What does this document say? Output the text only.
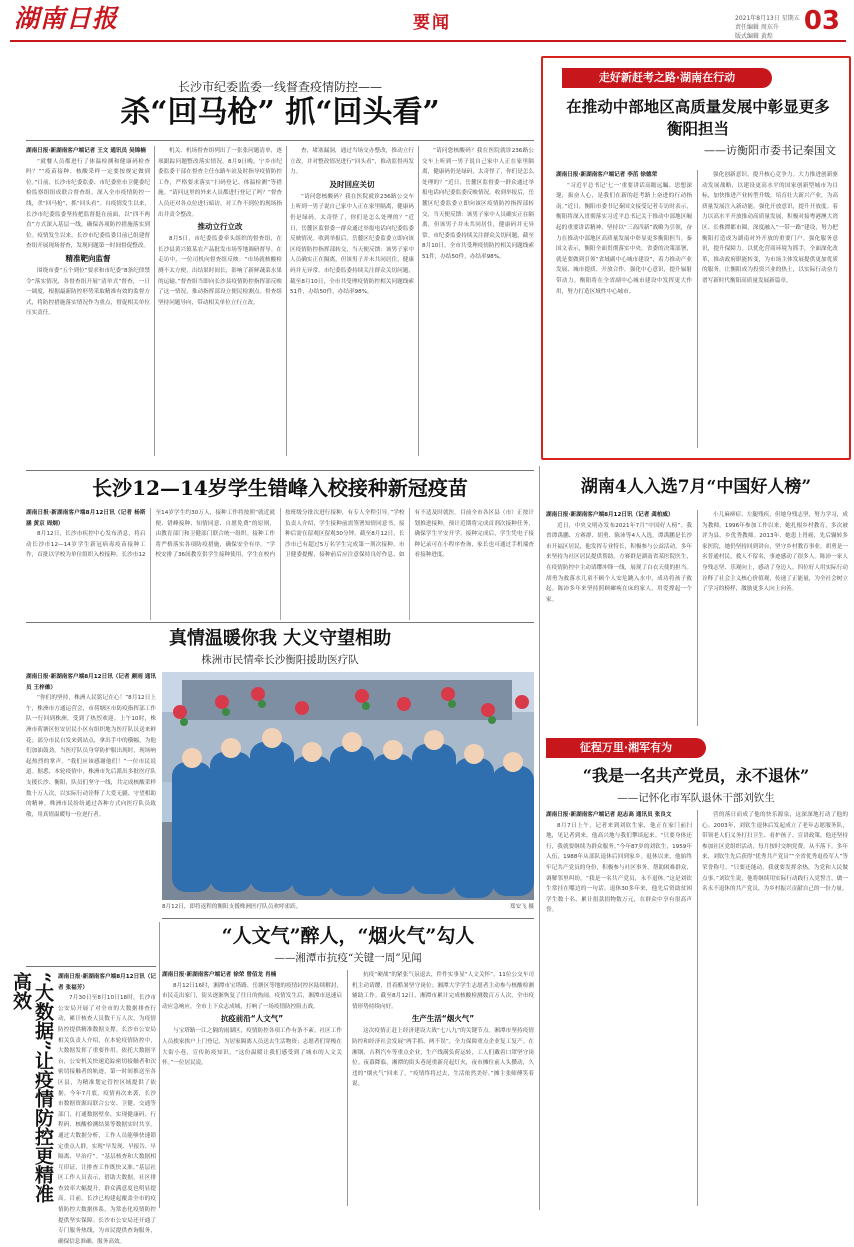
湖南日报	要闻	2021年8月13日 星期五
责任编辑 周东升
版式编辑 黄煌
03
长沙市纪委监委一线督查疫情防控——
杀“回马枪” 抓“回头看”

湖南日报·新湖南客户端记者 王文 通讯员 吴锦楠

“就餐人员都进行了体温检测和健康码检查吗？”“疫苗接种、核酸采样一定要按规定做到位。”日前，长沙市纪委监委、市纪委驻市卫健委纪检监察组组成联合督查组，深入全市疫情防控一线，杀“回马枪”，抓“回头看”。自疫情发生以来，长沙市纪委监委坚持把监督挺在前面，以“四不两直”方式深入基层一线，确保各项防控措施落实到位。疫情发生以来，长沙市纪委监委目前已组建督查组开展现场督查，发现问题第一时间督促整改。

精准靶向监督

围绕市委“五个到位”要求和市纪委“8条纪律禁令”落实情况，各督查组开展“清单式”督查，一日一调度，根据最新防控形势采取精准有效的监督方式，将防控措施落实情况作为重点，督促相关单位压实责任。

机关、机场督查组列出了一张张问题清单，逐项跟踪问题整改落实情况。8月9日晚，宁乡市纪委监委干部在督查主任东路车站及时指导疫情防控工作，严格要求落实“扫码登记、体温检测”等措施。“请问这里的外来人员都进行登记了吗？”督查人员还对各点位进行暗访，对工作不到位的现场指出并责令整改。

推动立行立改

8月5日，市纪委监委牵头组织的督查组，在长沙县黄兴镇某农产品批发市场等地调研督导。在走访中，一位司机向督查组反映：“市场就核酸检测不太方便，出结果时间长，影响了新鲜蔬菜水果的运输。”督查组当即向长沙县疫情防控指挥部反映了这一情况，推动指挥部设立便民检测点。督查组坚持问题导向，带动相关单位立行立改。

查，堵塞漏洞，通过当场交办整改，推动立行立改，并对整改情况进行“回头看”，推动监督再发力。

及时回应关切

“请问您核酸码？我在医院就诊236路公交车上听到一男子说自己家中人正在家里隔离，健康码仍是绿码，太奇怪了，你们是怎么处理的？”近日，岳麓区监督委一群众通过举报电话向纪委监委反映情况。收到举报后，岳麓区纪委监委立即向该区疫情防控指挥部转交，当天便反馈：该男子家中人员确实正在隔离，但该男子并未共同居住，健康码并无异常。市纪委监委持续关注群众关切问题，截至8月10日，全市共受理疫情防控相关问题线索51件，办结50件，办结率98%。

“请问您核酸码？我在医院就诊236路公交车上听到一男子说自己家中人正在家里隔离，健康码仍是绿码，太奇怪了，你们是怎么处理的？”近日，岳麓区监督委一群众通过举报电话向纪委监委反映情况。收到举报后，岳麓区纪委监委立即向该区疫情防控指挥部转交，当天便反馈：该男子家中人员确实正在隔离，但该男子并未共同居住，健康码并无异常。市纪委监委持续关注群众关切问题，截至8月10日，全市共受理疫情防控相关问题线索51件，办结50件，办结率98%。

走好新赶考之路·湖南在行动
在推动中部地区高质量发展中彰显更多衡阳担当
——访衡阳市委书记秦国文

湖南日报·新湖南客户端记者 李茁 徐德荣

“习近平总书记‘七一’重要讲话高瞻远瞩、思想深邃，振奋人心，是我们在新的赶考路上奋进的行动指南。”近日，衡阳市委书记秦国文接受记者专访时表示，衡阳将深入贯彻落实习近平总书记关于推动中部地区崛起的重要讲话精神，坚持以“三高四新”战略为引领，奋力在推动中部地区高质量发展中彰显更多衡阳担当。秦国文表示，衡阳全面贯彻落实中央、省委的决策部署，就是要做到引领“省域副中心城市建设”，着力推动产业发展、城市提质、开放合作。强化中心意识，提升辐射带动力。衡阳将在全省副中心城市建设中发挥更大作用，努力打造区域性中心城市。

强化创新意识，提升核心竞争力。大力推进创新驱动发展战略，以建设更高水平的国家创新型城市为目标，加快推进产业转型升级，培育壮大新兴产业，为高质量发展注入新动能。强化开放意识，提升开放度。着力以高水平开放推动高质量发展，积极对接粤港澳大湾区、长株潭都市圈，深度融入“一带一路”建设，努力把衡阳打造成为湖南对外开放的重要门户。强化服务意识，提升保障力。以优化营商环境为抓手，全面深化改革，推动政府职能转变，为市场主体发展提供更加优质的服务，让衡阳成为投资兴业的热土，以实际行动奋力谱写新时代衡阳高质量发展新篇章。

长沙12—14岁学生错峰入校接种新冠疫苗

湖南日报·新湖南客户端8月12日讯（记者 杨斯涵 黄京 周炯）

8月12日，长沙市疾控中心发布消息，将启动长沙市12—14岁学生新冠病毒疫苗接种工作，首批以学校为单位组织入校接种。长沙市12至14岁学生约30万人，接种工作将按照“就近就便、错峰接种、知情同意、自愿免费”的原则，由教育部门和卫健部门联合统一组织。接种工作将严格落实各项防疫措施，确保安全有序。“学校安排了36间教室供学生接种使用，学生在校内按班级分批次进行接种，有专人全程引导。”学校负责人介绍，学生接种前需签署知情同意书，接种后需在留观区留观30分钟。截至8月12日，长沙市已有超过5万名学生完成第一剂次接种。市卫健委提醒，接种前后应注意保持良好作息，如有不适及时就医。目前全市各区县（市）正按计划推进接种，预计近期将完成首剂次接种任务，确保学生平安开学。接种完成后，学生凭电子接种记录可在小程序查询，家长也可通过手机端查看接种进度。

湖南4人入选7月“中国好人榜”

湖南日报·新湖南客户端8月12日讯（记者 龚柏威）

近日，中央文明办发布2021年7月“中国好人榜”。我省谭禹鹏、方赛群、胡勇、陈沛等4人入选。谭禹鹏是长沙市开福区居民，他发挥专业特长，积极参与公益活动，多年来坚持为社区居民提供帮助。方赛群是湖南省某医院医生，在疫情防控中主动请缨冲锋一线，展现了白衣天使的担当。胡勇为救落水儿童不顾个人安危跳入水中，成功将孩子救起。陈沛多年来坚持照顾瘫痪在床的家人，用爱撑起一个家。

小儿麻痹症、左腿残疾，但她身残志坚，努力学习，成为教师。1996年参加工作以来，她扎根乡村教育，多次被评为县、乡优秀教师。2013年，她患上胃癌，先后辗转多家医院，她仍坚持回到讲台，坚守乡村教育事业。胡勇是一名普通村民，救人不留名，事迹感动了很多人。陈沛一家人身残志坚、乐观向上，感动了身边人。四位好人用实际行动诠释了社会主义核心价值观，传递了正能量，为全社会树立了学习的榜样，激励更多人向上向善。

真情温暖你我 大义守望相助
株洲市民情牵长沙衡阳援助医疗队

湖南日报·新湖南客户端8月12日讯（记者 颜雨 通讯员 王梓傩）

“你们的坚持，株洲人民铭记在心！”8月12日上午，株洲市方通运营会，市荷塘区市防疫指挥部工作队一行回到株洲，受到了热烈欢迎。上午10时，株洲市荷塘区恒安居民小区有组织地为医疗队员送来鲜花；部分市民自发来到站点，拿出手中的横幅，为他们加油鼓劲。当医疗队员身穿防护服出现时，现场响起热烈的掌声。“我们应该感谢他们！”一位市民说道。据悉，本轮疫情中，株洲市先后派出多批医疗队支援长沙、衡阳，队员们坚守一线，共完成核酸采样数十万人次，以实际行动诠释了大爱无疆、守望相助的精神。株洲市民纷纷通过各种方式向医疗队员致敬，用真情温暖每一位逆行者。

8月12日，即将返程的衡阳支援株洲医疗队员欢呼雀跃。	郑安飞 摄
“大数据”让疫情防控更精准高效	湖南日报·新湖南客户端8月12日讯（记者 张福芳）

7月30日至8月10日18时，长沙市公安局开展了对全市的大数据排查行动，累计核查人员数千万人次，为疫情防控提供精准数据支撑。长沙市公安局相关负责人介绍，在本轮疫情防控中，大数据发挥了重要作用。依托大数据平台，公安机关快速追踪密切接触者和次密切接触者的轨迹，第一时间推送至各区县，为精准划定管控区域提供了依据。今年7月底，疫情再次来袭，长沙市数据资源局联合公安、卫健、交通等部门，打通数据壁垒，实现健康码、行程码、核酸检测结果等数据实时共享。通过大数据分析，工作人员能够快速锁定重点人群，实现“早发现、早报告、早隔离、早治疗”。“基层核查和大数据相互印证，让排查工作既快又准。”基层社区工作人员表示，借助大数据，社区排查效率大幅提升，群众满意度也明显提高。目前，长沙已构建起覆盖全市的疫情防控大数据体系，为常态化疫情防控提供坚实保障。长沙市公安局还开通了专门服务热线，为市民提供查询服务，确保信息准确、服务高效。

“人文气”醉人，“烟火气”勾人
——湘潭市抗疫“关键一周”见闻

湖南日报·新湖南客户端记者 徐荣 曾佰龙 肖楠

8月12日16时，湘潭市宝塔路、岳塘区等地的疫情封控区陆续解封，市民走出家门，街头逐渐恢复了往日的热闹。疫情发生后，湘潭市迅速启动应急响应，全市上下众志成城，打响了一场疫情防控阻击战。

抗疫前沿“人文气”

与宝塔路一江之隔的雨湖区，疫情防控各项工作有条不紊。社区工作人员挨家挨户上门登记，为居家隔离人员送去生活物资；志愿者们穿梭在大街小巷，宣传防疫知识。“这份温暖让我们感受到了城市的人文关怀。”一位居民说。

抗疫“硬战”的紧张气氛退去，件件实事显“人文关怀”。11位公交车司机主动请缨，冒着酷暑坚守岗位；湘潭大学学生志愿者主动参与核酸检测辅助工作。截至8月12日，湘潭市累计完成核酸检测数百万人次，全市疫情形势持续向好。

生产生活“烟火气”

这次疫情正赶上经济建设大战“七八九”的关键节点。湘潭市坚持疫情防控和经济社会发展“两手抓、两不误”，全力保障重点企业复工复产。在湘钢、吉利汽车等重点企业，生产线满负荷运转，工人们戴着口罩坚守岗位。夜幕降临，湘潭的街头巷尾重新亮起灯火，夜市摊位前人头攒动，久违的“烟火气”回来了。“疫情终将过去，生活依然美好。”摊主张师傅笑着说。

征程万里·湘军有为
“我是一名共产党员，永不退休”
——记怀化市军队退休干部刘钦生

湖南日报·新湖南客户端记者 赵志高 通讯员 张良文

8月7日上午，记者来到刘钦生家，他正在家门前扫地，见记者到来，他高兴地与我们攀谈起来。“只要身体还行，我就要继续为群众服务。”今年87岁的刘钦生，1959年入伍，1988年从部队退休后回到家乡。退休以来，他始终牢记共产党员的身份，积极参与社区事务，帮助困难群众，调解邻里纠纷。“我是一名共产党员，永不退休。”这是刘钦生常挂在嘴边的一句话。退休30多年来，他先后资助贫困学生数十名，累计捐款捐物数万元，在群众中享有很高声誉。

营的落日而成了他的快乐源泉，这深深地打动了他的心。2003年，刘钦生退休后发起成立了老年志愿服务队，带领老人们义务打扫卫生、看护孩子、宣讲政策。他还坚持参加社区党组织活动，每月按时交纳党费，从不落下。多年来，刘钦生先后获得“优秀共产党员”“全省优秀退役军人”等荣誉称号。“只要还能动，我就要发挥余热，为党和人民做点事。”刘钦生说，他将继续用实际行动践行入党誓言，做一名永不退休的共产党员，为乡村振兴贡献自己的一份力量。
